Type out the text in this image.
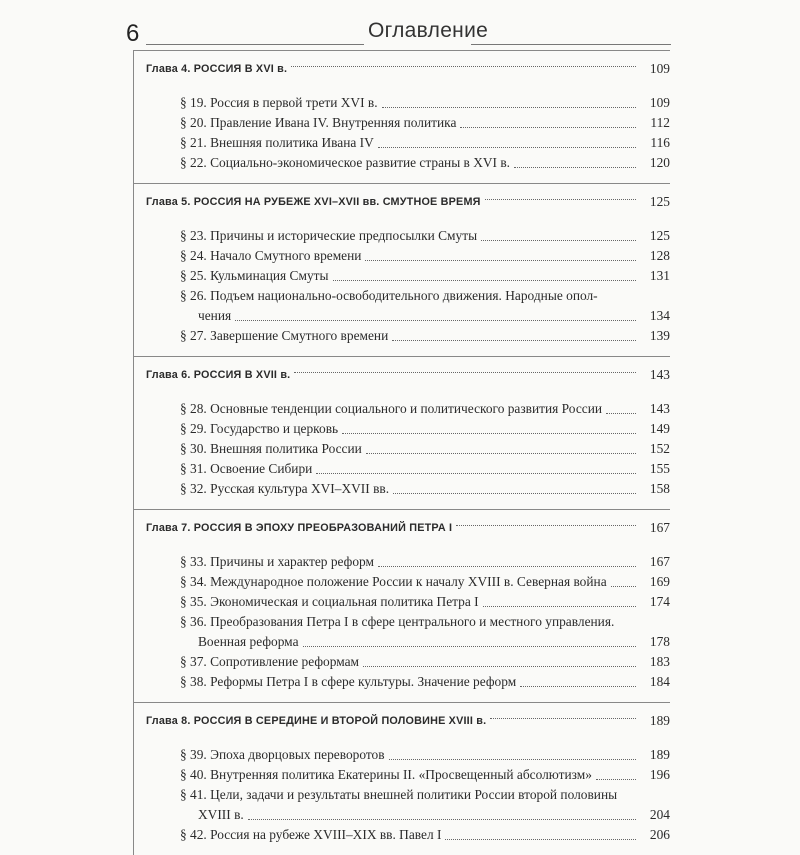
6	Оглавление
Глава 4. РОССИЯ В XVI в.	109
§ 19. Россия в первой трети XVI в.	109
§ 20. Правление Ивана IV. Внутренняя политика	112
§ 21. Внешняя политика Ивана IV	116
§ 22. Социально-экономическое развитие страны в XVI в.	120
Глава 5. РОССИЯ НА РУБЕЖЕ XVI–XVII вв. СМУТНОЕ ВРЕМЯ	125
§ 23. Причины и исторические предпосылки Смуты	125
§ 24. Начало Смутного времени	128
§ 25. Кульминация Смуты	131
§ 26. Подъем национально-освободительного движения. Народные опол-
чения	134
§ 27. Завершение Смутного времени	139
Глава 6. РОССИЯ В XVII в.	143
§ 28. Основные тенденции социального и политического развития России	143
§ 29. Государство и церковь	149
§ 30. Внешняя политика России	152
§ 31. Освоение Сибири	155
§ 32. Русская культура XVI–XVII вв.	158
Глава 7. РОССИЯ В ЭПОХУ ПРЕОБРАЗОВАНИЙ ПЕТРА I	167
§ 33. Причины и характер реформ	167
§ 34. Международное положение России к началу XVIII в. Северная война	169
§ 35. Экономическая и социальная политика Петра I	174
§ 36. Преобразования Петра I в сфере центрального и местного управления.
Военная реформа	178
§ 37. Сопротивление реформам	183
§ 38. Реформы Петра I в сфере культуры. Значение реформ	184
Глава 8. РОССИЯ В СЕРЕДИНЕ И ВТОРОЙ ПОЛОВИНЕ XVIII в.	189
§ 39. Эпоха дворцовых переворотов	189
§ 40. Внутренняя политика Екатерины II. «Просвещенный абсолютизм»	196
§ 41. Цели, задачи и результаты внешней политики России второй половины
XVIII в.	204
§ 42. Россия на рубеже XVIII–XIX вв. Павел I	206
